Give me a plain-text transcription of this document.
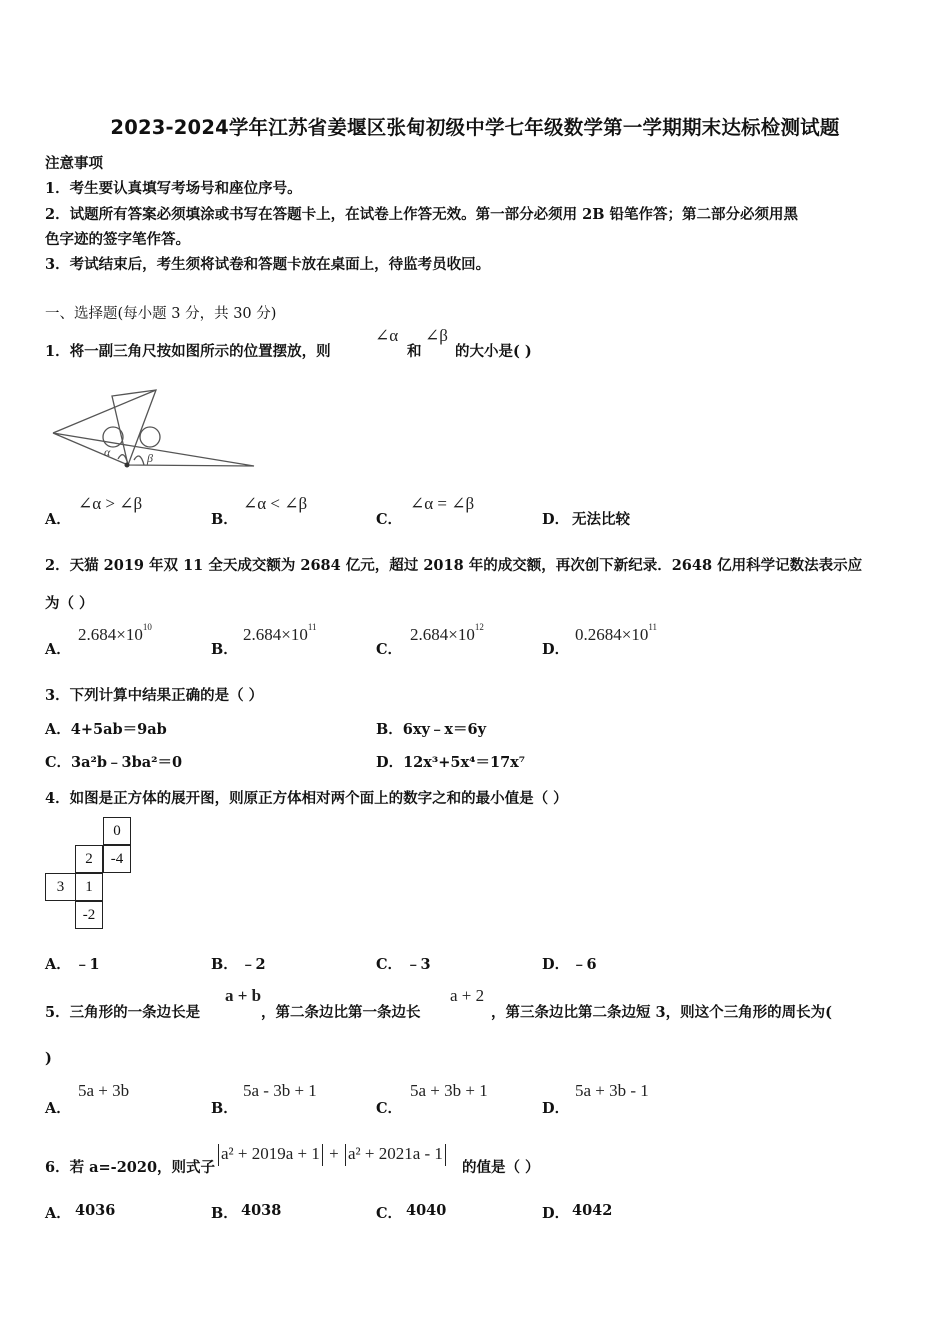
2023-2024学年江苏省姜堰区张甸初级中学七年级数学第一学期期末达标检测试题
注意事项
1．考生要认真填写考场号和座位序号。
2．试题所有答案必须填涂或书写在答题卡上，在试卷上作答无效。第一部分必须用 2B 铅笔作答；第二部分必须用黑
色字迹的签字笔作答。
3．考试结束后，考生须将试卷和答题卡放在桌面上，待监考员收回。
一、选择题(每小题 3 分，共 30 分)
1．将一副三角尺按如图所示的位置摆放，则
∠α
和
∠β
的大小是( )
α	β
A．
∠α > ∠β
B．
∠α < ∠β
C．
∠α = ∠β
D． 无法比较
2．天猫 2019 年双 11 全天成交额为 2684 亿元，超过 2018 年的成交额，再次创下新纪录．2648 亿用科学记数法表示应
为（ ）
A．
$2.684\times 10^{10}$
B．
$2.684\times 10^{11}$
C．
$2.684\times 10^{12}$
D．
$0.2684\times 10^{11}$
3．下列计算中结果正确的是（ ）
A．4+5ab＝9ab	B．6xy﹣x＝6y
C．3a²b﹣3ba²＝0	D．12x³+5x⁴＝17x⁷
4．如图是正方体的展开图，则原正方体相对两个面上的数字之和的最小值是（ ）
0
2	-4
3	1
-2
A． ﹣1	B． ﹣2	C． ﹣3	D． ﹣6
5．三角形的一条边长是
a + b
，第二条边比第一条边长
a + 2
，第三条边比第二条边短 3，则这个三角形的周长为(
)
A．
5a + 3b
B．
5a - 3b + 1
C．
5a + 3b + 1
D．
5a + 3b - 1
6．若 a=-2020，则式子
a² + 2019a + 1 + a² + 2021a - 1
的值是（ ）
A． 4036	B． 4038	C． 4040	D． 4042
